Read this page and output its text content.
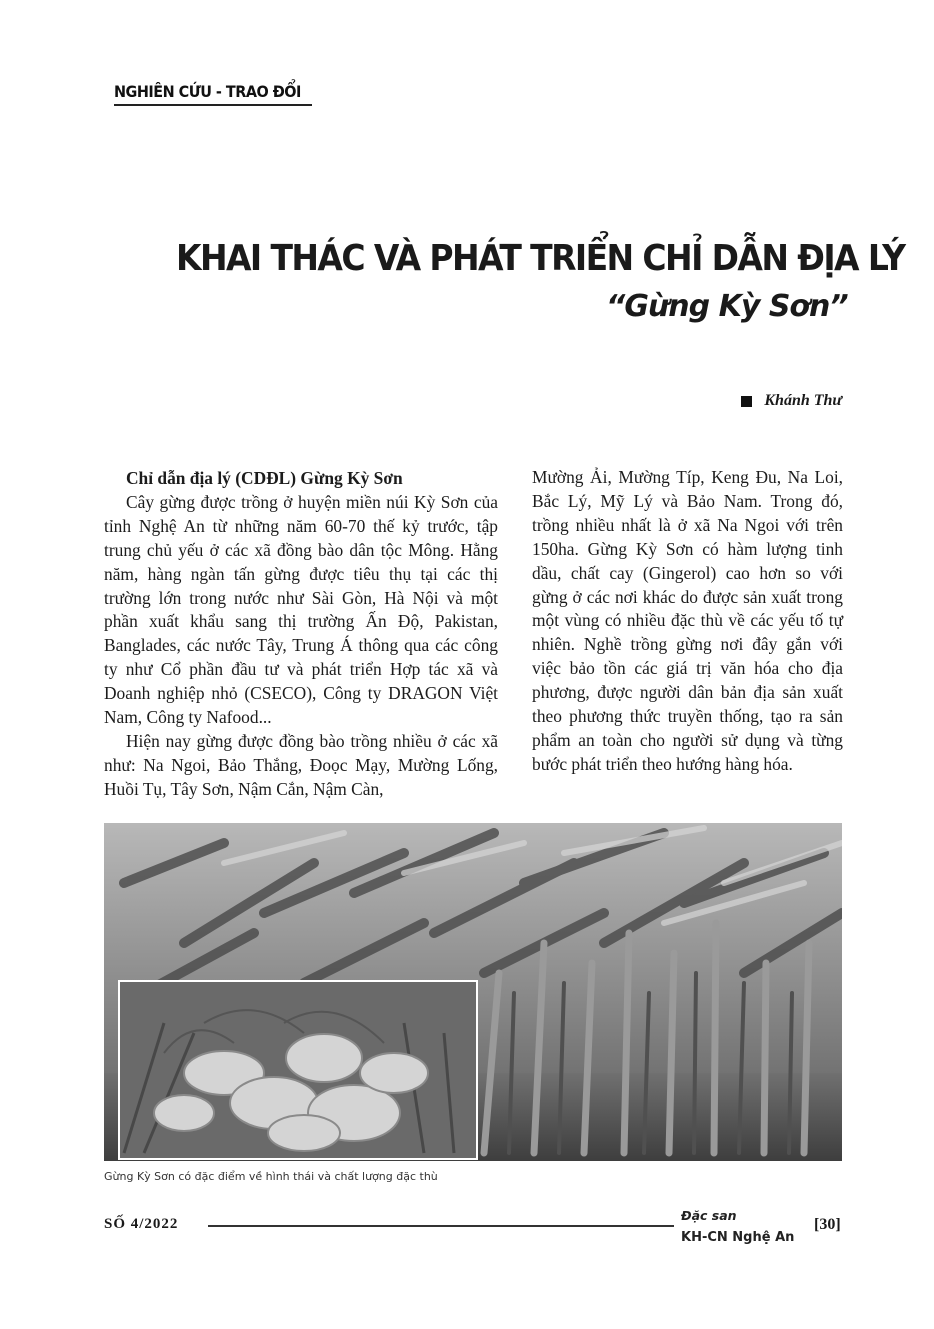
NGHIÊN CỨU - TRAO ĐỔI
KHAI THÁC VÀ PHÁT TRIỂN CHỈ DẪN ĐỊA LÝ
“Gừng Kỳ Sơn”
Khánh Thư

Chỉ dẫn địa lý (CDĐL) Gừng Kỳ Sơn

Cây gừng được trồng ở huyện miền núi Kỳ Sơn của tỉnh Nghệ An từ những năm 60-70 thế kỷ trước, tập trung chủ yếu ở các xã đồng bào dân tộc Mông. Hằng năm, hàng ngàn tấn gừng được tiêu thụ tại các thị trường lớn trong nước như Sài Gòn, Hà Nội và một phần xuất khẩu sang thị trường Ấn Độ, Pakistan, Banglades, các nước Tây, Trung Á thông qua các công ty như Cổ phần đầu tư và phát triển Hợp tác xã và Doanh nghiệp nhỏ (CSECO), Công ty DRAGON Việt Nam, Công ty Nafood...

Hiện nay gừng được đồng bào trồng nhiều ở các xã như: Na Ngoi, Bảo Thắng, Đoọc Mạy, Mường Lống, Huồi Tụ, Tây Sơn, Nậm Cắn, Nậm Càn,

Mường Ải, Mường Típ, Keng Đu, Na Loi, Bắc Lý, Mỹ Lý và Bảo Nam. Trong đó, trồng nhiều nhất là ở xã Na Ngoi với trên 150ha. Gừng Kỳ Sơn có hàm lượng tinh dầu, chất cay (Gingerol) cao hơn so với gừng ở các nơi khác do được sản xuất trong một vùng có nhiều đặc thù về các yếu tố tự nhiên. Nghề trồng gừng nơi đây gắn với việc bảo tồn các giá trị văn hóa cho địa phương, được người dân bản địa sản xuất theo phương thức truyền thống, tạo ra sản phẩm an toàn cho người sử dụng và từng bước phát triển theo hướng hàng hóa.

Gừng Kỳ Sơn có đặc điểm về hình thái và chất lượng đặc thù
SỐ 4/2022
Đặc san
KH-CN Nghệ An
[30]
